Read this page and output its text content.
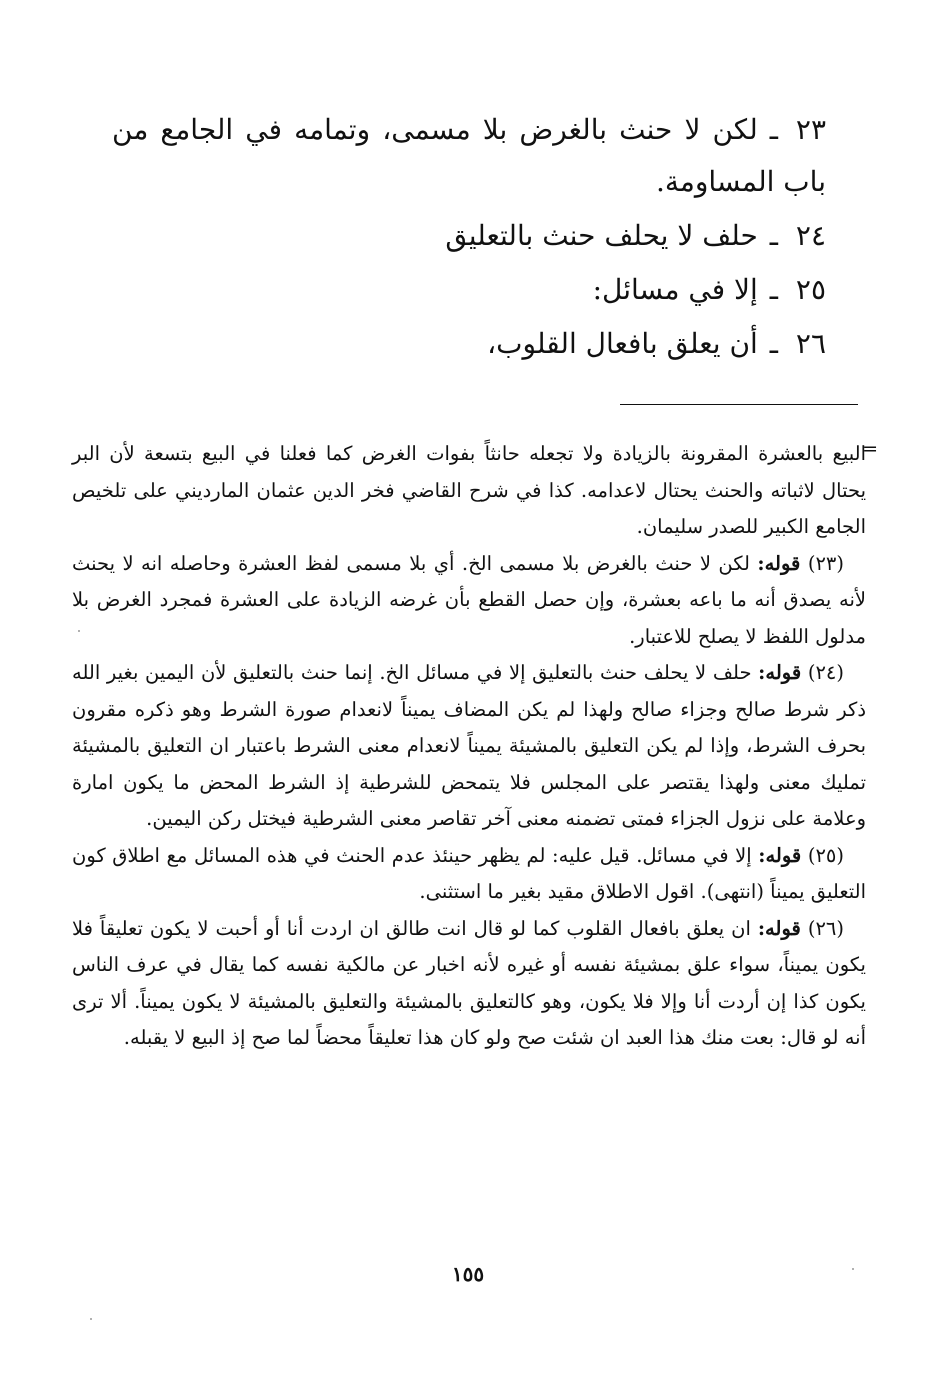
٢٣ـلكن لا حنث بالغرض بلا مسمى، وتمامه في الجامع من باب المساومة.
٢٤ـحلف لا يحلف حنث بالتعليق
٢٥ـإلا في مسائل:
٢٦ـأن يعلق بافعال القلوب،
=

البيع بالعشرة المقرونة بالزيادة ولا تجعله حانثاً بفوات الغرض كما فعلنا في البيع بتسعة لأن البر يحتال لاثباته والحنث يحتال لاعدامه. كذا في شرح القاضي فخر الدين عثمان المارديني على تلخيص الجامع الكبير للصدر سليمان.

(٢٣) قوله: لكن لا حنث بالغرض بلا مسمى الخ. أي بلا مسمى لفظ العشرة وحاصله انه لا يحنث لأنه يصدق أنه ما باعه بعشرة، وإن حصل القطع بأن غرضه الزيادة على العشرة فمجرد الغرض بلا مدلول اللفظ لا يصلح للاعتبار.

(٢٤) قوله: حلف لا يحلف حنث بالتعليق إلا في مسائل الخ. إنما حنث بالتعليق لأن اليمين بغير الله ذكر شرط صالح وجزاء صالح ولهذا لم يكن المضاف يميناً لانعدام صورة الشرط وهو ذكره مقرون بحرف الشرط، وإذا لم يكن التعليق بالمشيئة يميناً لانعدام معنى الشرط باعتبار ان التعليق بالمشيئة تمليك معنى ولهذا يقتصر على المجلس فلا يتمحض للشرطية إذ الشرط المحض ما يكون امارة وعلامة على نزول الجزاء فمتى تضمنه معنى آخر تقاصر معنى الشرطية فيختل ركن اليمين.

(٢٥) قوله: إلا في مسائل. قيل عليه: لم يظهر حينئذ عدم الحنث في هذه المسائل مع اطلاق كون التعليق يميناً (انتهى). اقول الاطلاق مقيد بغير ما استثنى.

(٢٦) قوله: ان يعلق بافعال القلوب كما لو قال انت طالق ان اردت أنا أو أحبت لا يكون تعليقاً فلا يكون يميناً، سواء علق بمشيئة نفسه أو غيره لأنه اخبار عن مالكية نفسه كما يقال في عرف الناس يكون كذا إن أردت أنا وإلا فلا يكون، وهو كالتعليق بالمشيئة والتعليق بالمشيئة لا يكون يميناً. ألا ترى أنه لو قال: بعت منك هذا العبد ان شئت صح ولو كان هذا تعليقاً محضاً لما صح إذ البيع لا يقبله.

١٥٥
